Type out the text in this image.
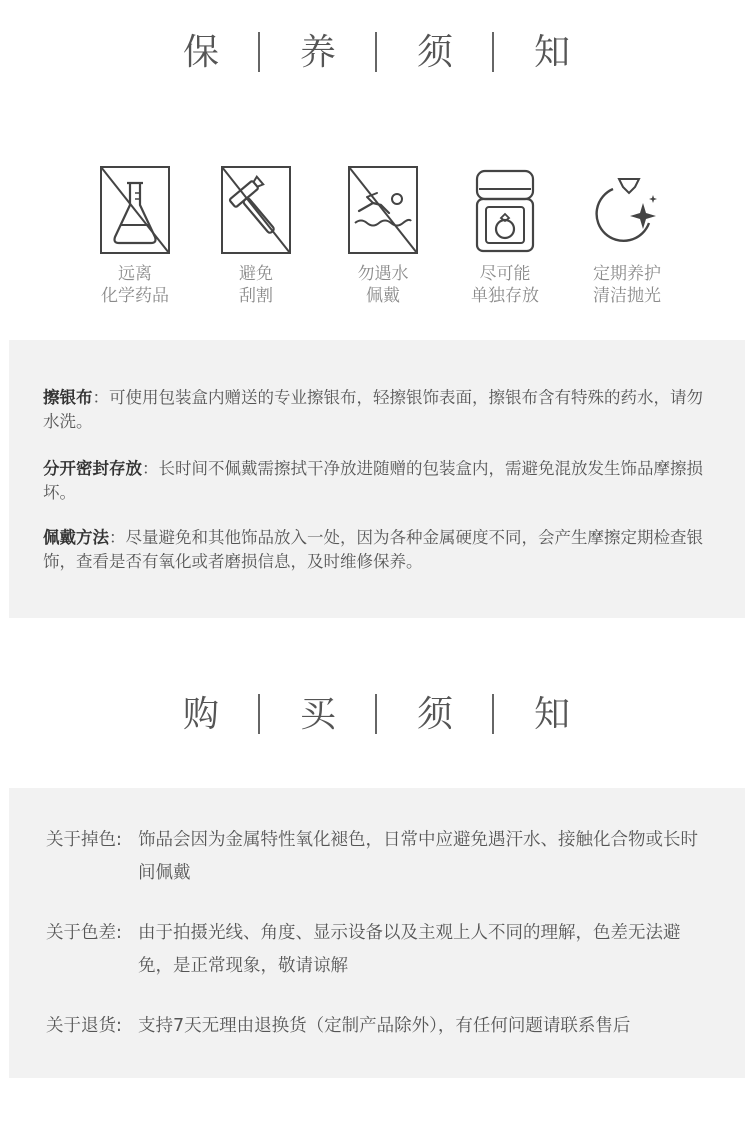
保	养	须	知
远离
化学药品
避免
刮割
勿遇水
佩戴
尽可能
单独存放
定期养护
清洁抛光
擦银布：可使用包装盒内赠送的专业擦银布，轻擦银饰表面，擦银布含有特殊的药水，请勿水洗。
分开密封存放：长时间不佩戴需擦拭干净放进随赠的包装盒内，需避免混放发生饰品摩擦损坏。
佩戴方法：尽量避免和其他饰品放入一处，因为各种金属硬度不同，会产生摩擦定期检查银饰，查看是否有氧化或者磨损信息，及时维修保养。
购	买	须	知
关于掉色: 饰品会因为金属特性氧化褪色，日常中应避免遇汗水、接触化合物或长时间佩戴
关于色差: 由于拍摄光线、角度、显示设备以及主观上人不同的理解，色差无法避免，是正常现象，敬请谅解
关于退货: 支持7天无理由退换货（定制产品除外），有任何问题请联系售后
